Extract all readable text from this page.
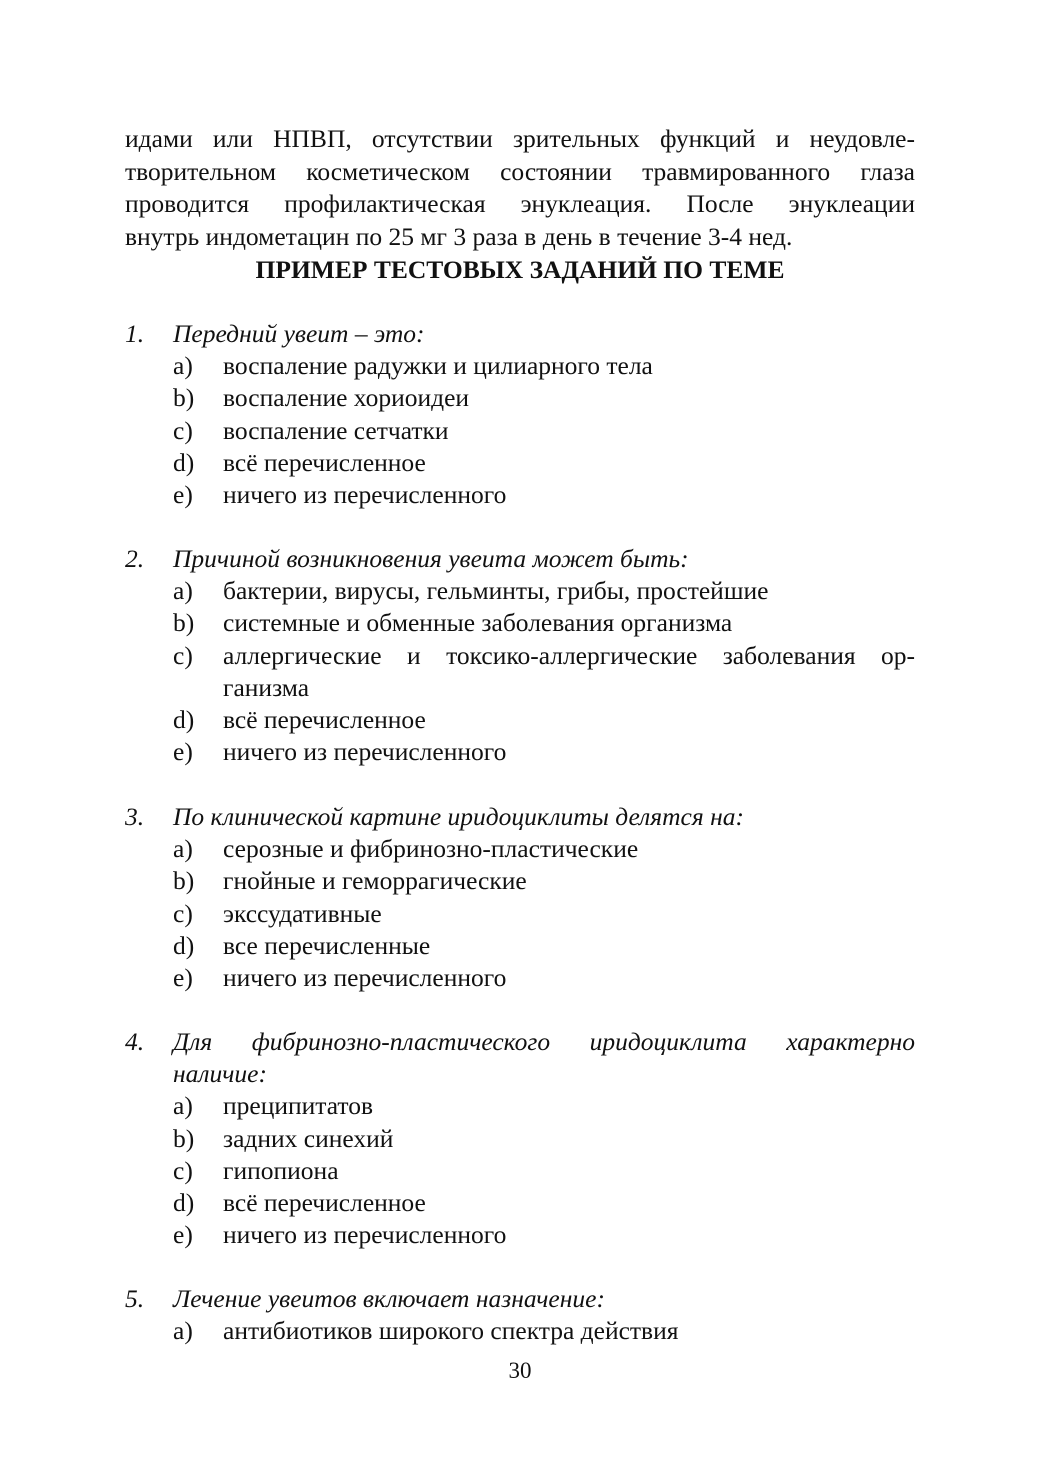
идами или НПВП, отсутствии зрительных функций и неудовле-
творительном косметическом состоянии травмированного глаза
проводится профилактическая энуклеация. После энуклеации
внутрь индометацин по 25 мг 3 раза в день в течение 3-4 нед.
ПРИМЕР ТЕСТОВЫХ ЗАДАНИЙ ПО ТЕМЕ
1. Передний увеит – это:
a) воспаление радужки и цилиарного тела
b) воспаление хориоидеи
c) воспаление сетчатки
d) всё перечисленное
e) ничего из перечисленного
2. Причиной возникновения увеита может быть:
a) бактерии, вирусы, гельминты, грибы, простейшие
b) системные и обменные заболевания организма
c) аллергические и токсико-аллергические заболевания ор-
ганизма
d) всё перечисленное
e) ничего из перечисленного
3. По клинической картине иридоциклиты делятся на:
a) серозные и фибринозно-пластические
b) гнойные и геморрагические
c) экссудативные
d) все перечисленные
e) ничего из перечисленного
4. Для фибринозно-пластического иридоциклита характерно
наличие:
a) преципитатов
b) задних синехий
c) гипопиона
d) всё перечисленное
e) ничего из перечисленного
5. Лечение увеитов включает назначение:
a) антибиотиков широкого спектра действия
30
